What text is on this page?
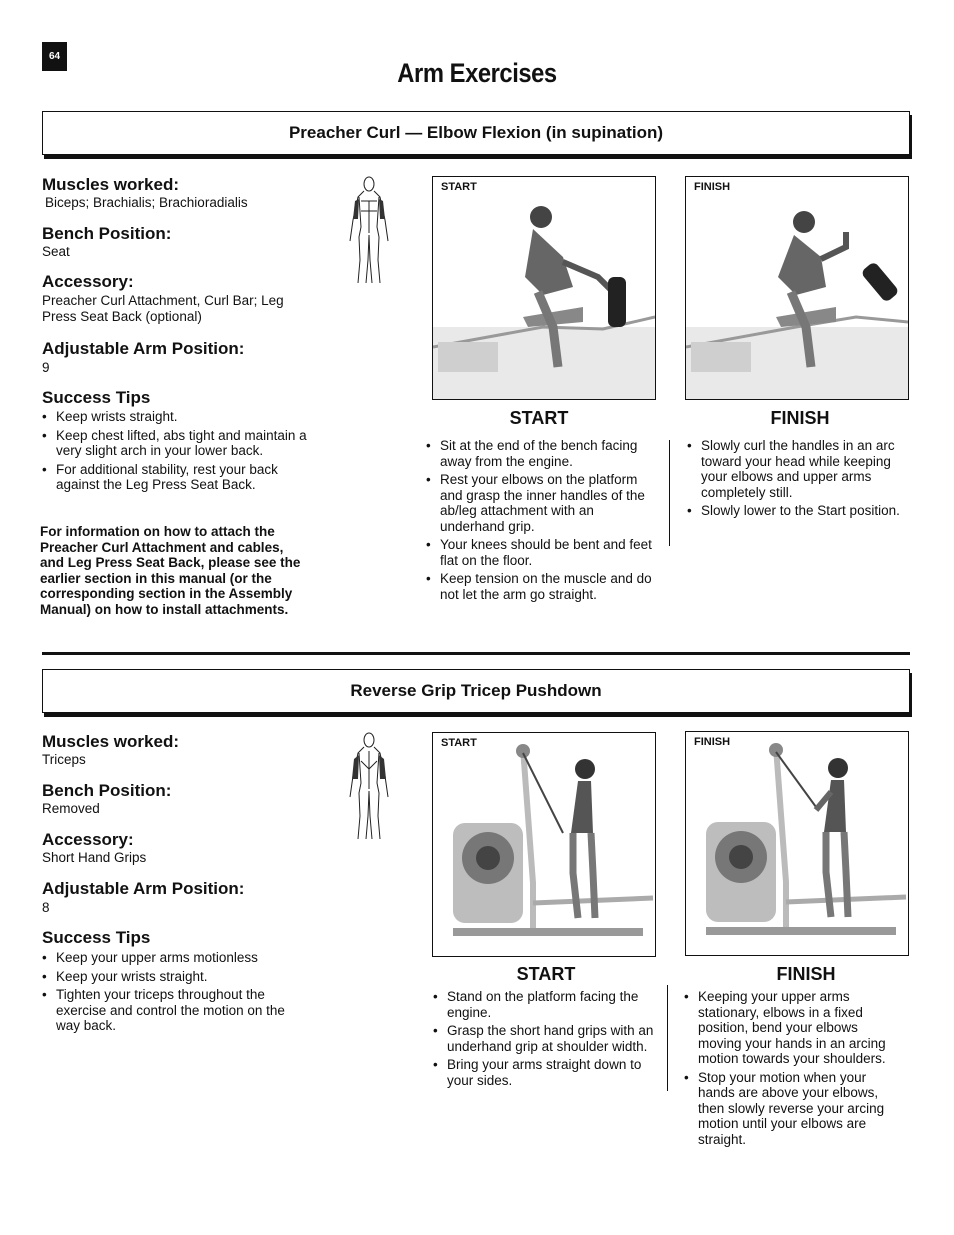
64
Arm Exercises
Preacher Curl — Elbow Flexion (in supination)
Muscles worked:
Biceps; Brachialis; Brachioradialis
Bench Position:
Seat
Accessory:
Preacher Curl Attachment, Curl Bar; Leg Press Seat Back (optional)
Adjustable Arm Position:
9
Success Tips
• Keep wrists straight.
• Keep chest lifted, abs tight and maintain a very slight arch in your lower back.
• For additional stability, rest your back against the Leg Press Seat Back.
For information on how to attach the Preacher Curl Attachment and cables, and Leg Press Seat Back, please see the earlier section in this manual (or the corresponding section in the Assembly Manual) on how to install attachments.
START	FINISH
START	FINISH
• Sit at the end of the bench facing away from the engine.
• Rest your elbows on the platform and grasp the inner handles of the ab/leg attachment with an underhand grip.
• Your knees should be bent and feet flat on the floor.
• Keep tension on the muscle and do not let the arm go straight.
• Slowly curl the handles in an arc toward your head while keeping your elbows and upper arms completely still.
• Slowly lower to the Start position.
Reverse Grip Tricep Pushdown
Muscles worked:
Triceps
Bench Position:
Removed
Accessory:
Short Hand Grips
Adjustable Arm Position:
8
Success Tips
• Keep your upper arms motionless
• Keep your wrists straight.
• Tighten your triceps throughout the exercise and control the motion on the way back.
START	FINISH
START	FINISH
• Stand on the platform facing the engine.
• Grasp the short hand grips with an underhand grip at shoulder width.
• Bring your arms straight down to your sides.
• Keeping your upper arms stationary, elbows in a fixed position, bend your elbows moving your hands in an arcing motion towards your shoulders.
• Stop your motion when your hands are above your elbows, then slowly reverse your arcing motion until your elbows are straight.
